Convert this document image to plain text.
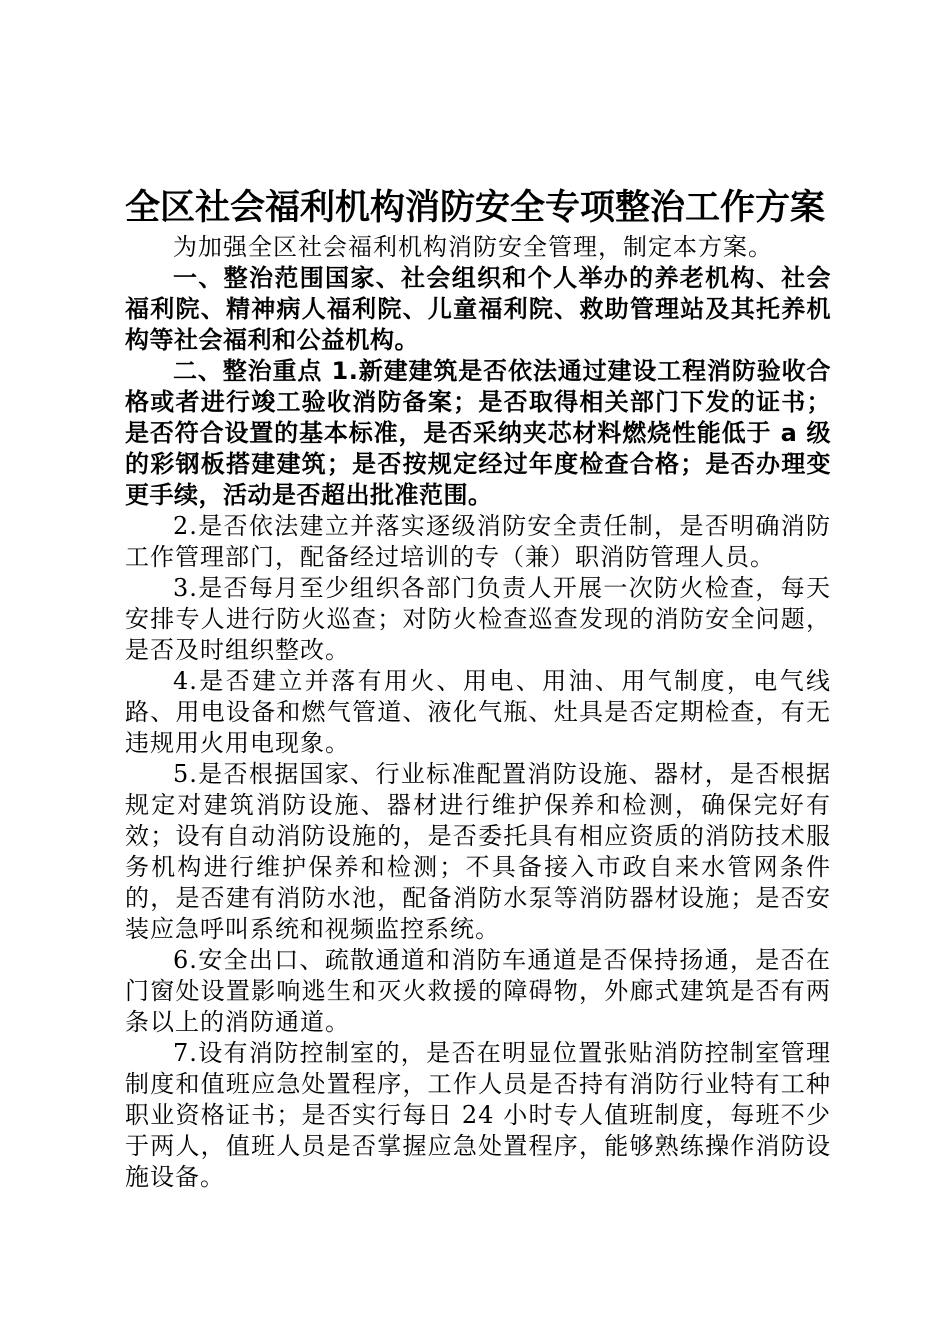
全区社会福利机构消防安全专项整治工作方案

为加强全区社会福利机构消防安全管理，制定本方案。

一、整治范围国家、社会组织和个人举办的养老机构、社会福利院、精神病人福利院、儿童福利院、救助管理站及其托养机构等社会福利和公益机构。

二、整治重点 1.新建建筑是否依法通过建设工程消防验收合格或者进行竣工验收消防备案；是否取得相关部门下发的证书；是否符合设置的基本标准，是否采纳夹芯材料燃烧性能低于 a 级的彩钢板搭建建筑；是否按规定经过年度检查合格；是否办理变更手续，活动是否超出批准范围。

2.是否依法建立并落实逐级消防安全责任制，是否明确消防工作管理部门，配备经过培训的专（兼）职消防管理人员。

3.是否每月至少组织各部门负责人开展一次防火检查，每天安排专人进行防火巡查；对防火检查巡查发现的消防安全问题，是否及时组织整改。

4.是否建立并落有用火、用电、用油、用气制度，电气线路、用电设备和燃气管道、液化气瓶、灶具是否定期检查，有无违规用火用电现象。

5.是否根据国家、行业标准配置消防设施、器材，是否根据规定对建筑消防设施、器材进行维护保养和检测，确保完好有效；设有自动消防设施的，是否委托具有相应资质的消防技术服务机构进行维护保养和检测；不具备接入市政自来水管网条件的，是否建有消防水池，配备消防水泵等消防器材设施；是否安装应急呼叫系统和视频监控系统。

6.安全出口、疏散通道和消防车通道是否保持扬通，是否在门窗处设置影响逃生和灭火救援的障碍物，外廊式建筑是否有两条以上的消防通道。

7.设有消防控制室的，是否在明显位置张贴消防控制室管理制度和值班应急处置程序，工作人员是否持有消防行业特有工种职业资格证书；是否实行每日 24 小时专人值班制度，每班不少于两人，值班人员是否掌握应急处置程序，能够熟练操作消防设施设备。
